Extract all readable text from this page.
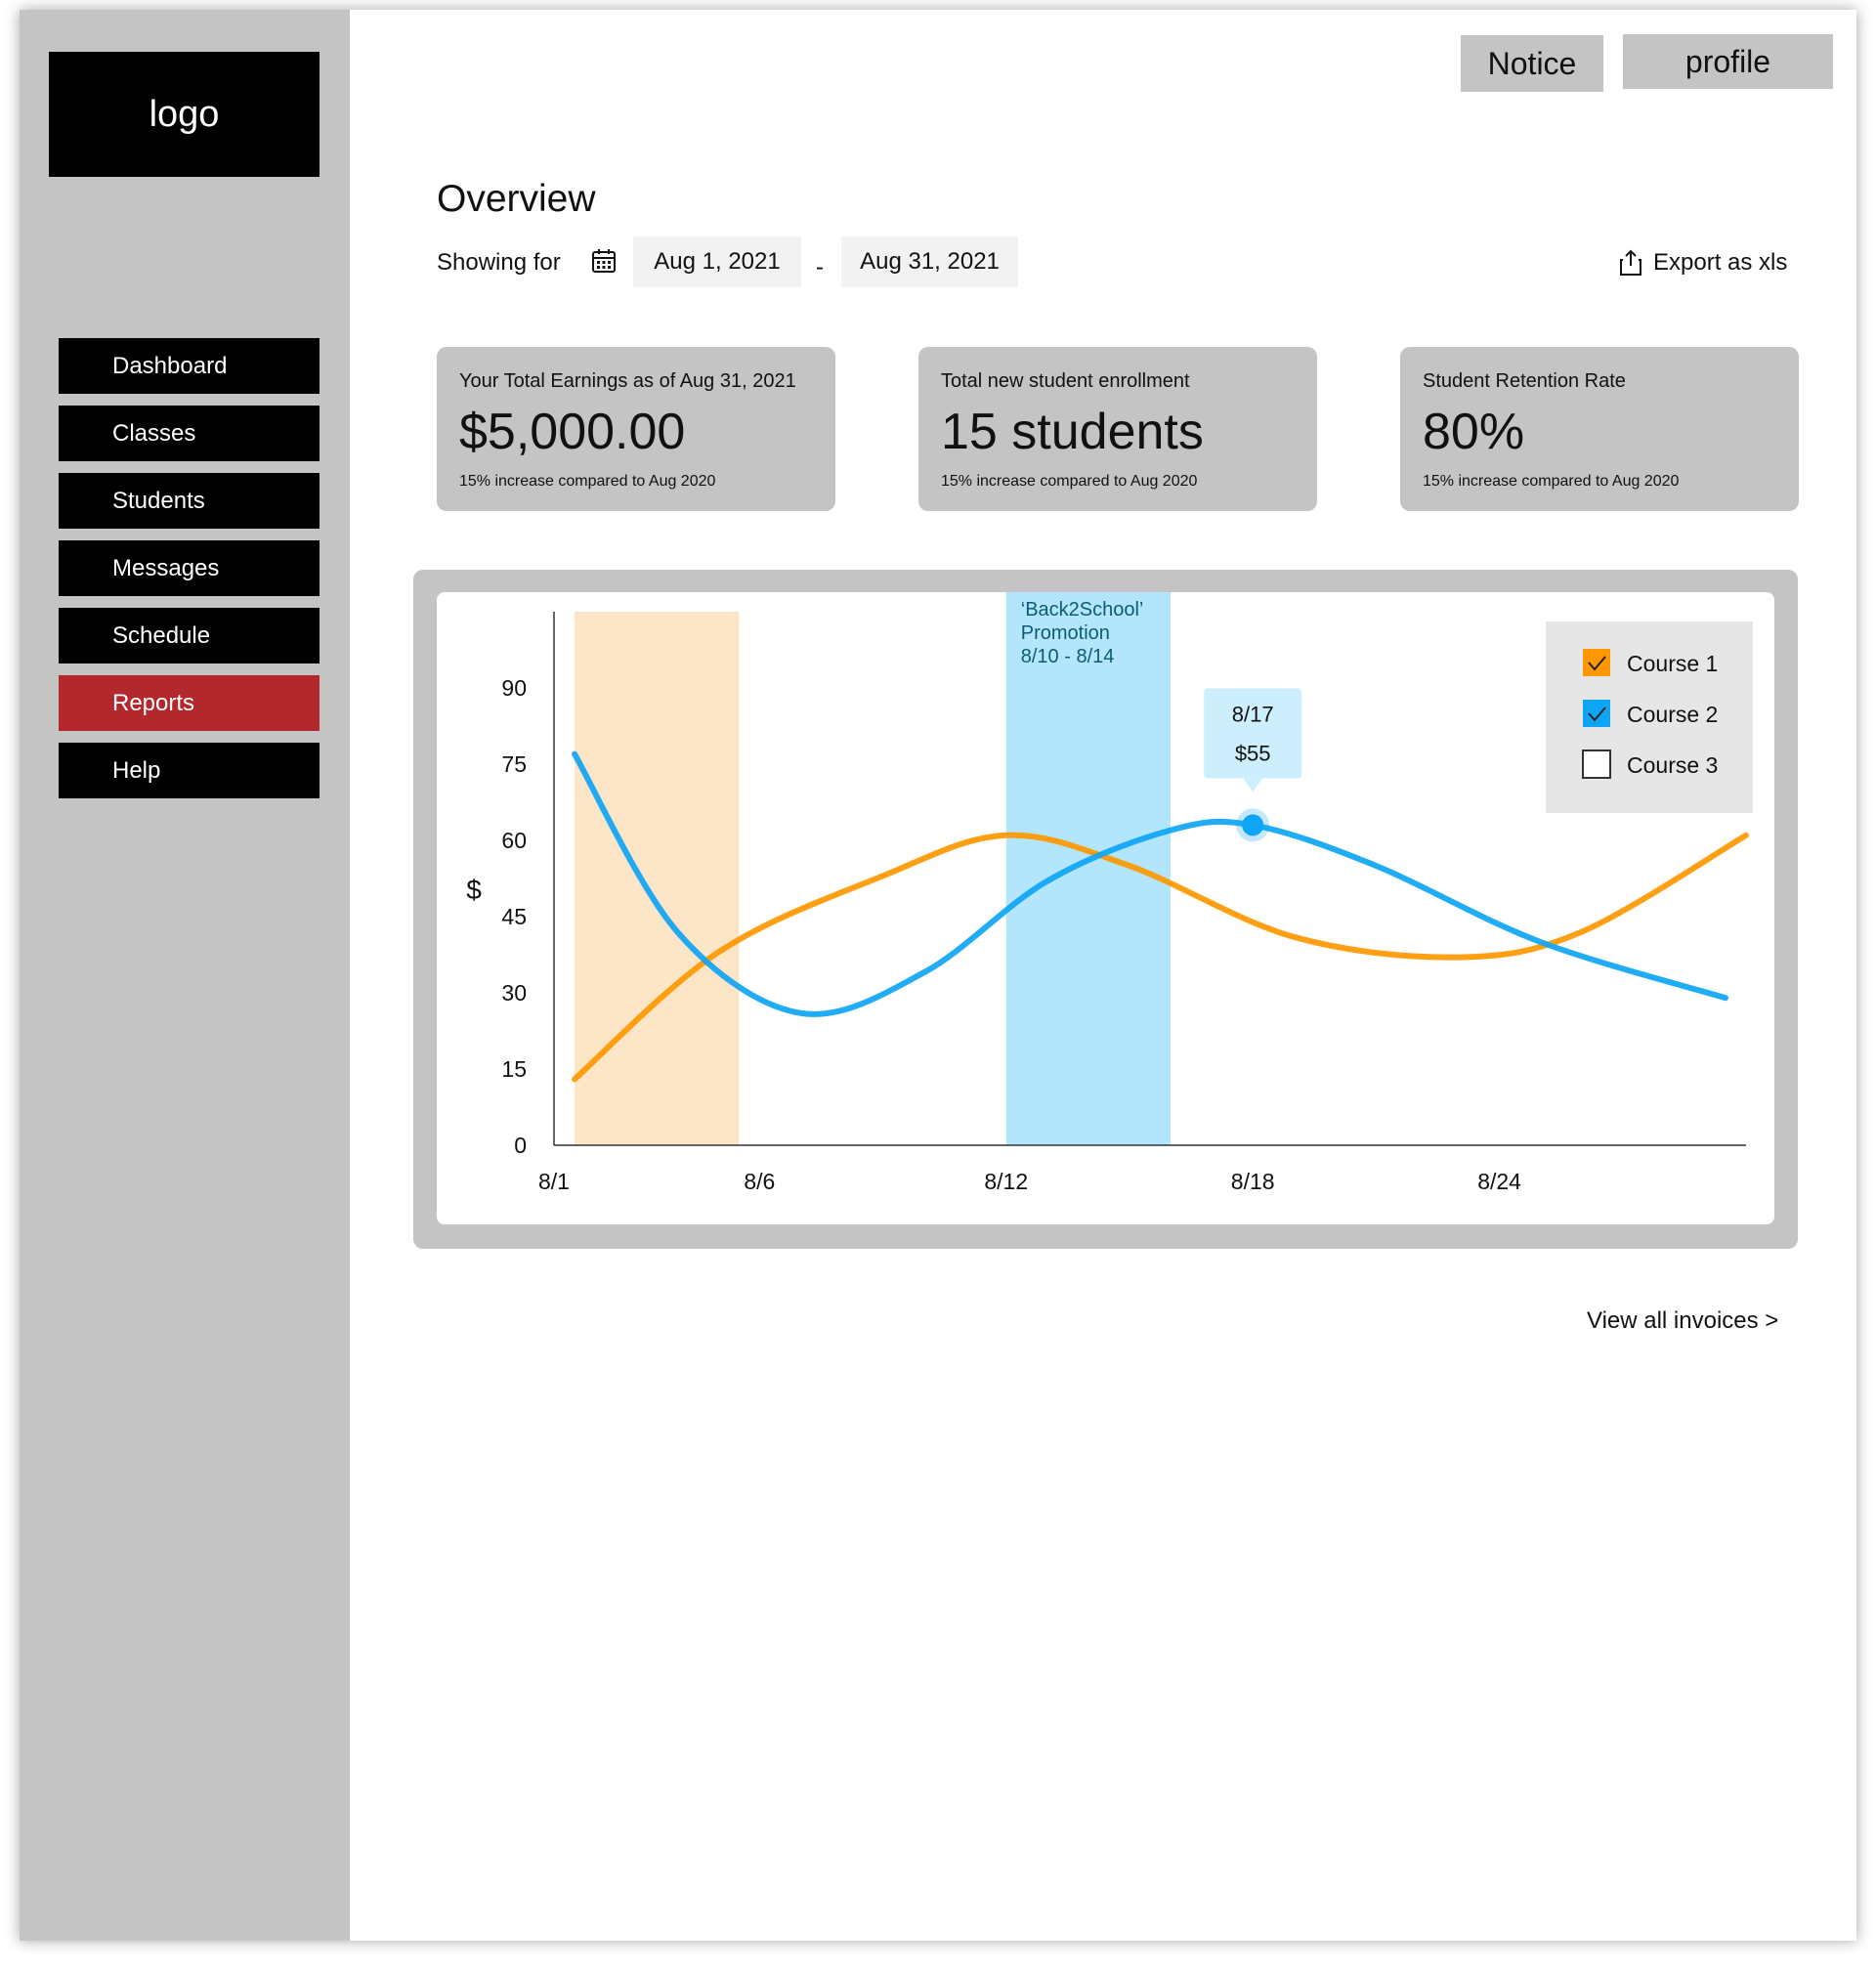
logo
Dashboard
Classes
Students
Messages
Schedule
Reports
Help
Notice	profile
Overview
Showing for	Aug 1, 2021	-	Aug 31, 2021	Export as xls
Your Total Earnings as of Aug 31, 2021
$5,000.00
15% increase compared to Aug 2020
Total new student enrollment
15 students
15% increase compared to Aug 2020
Student Retention Rate
80%
15% increase compared to Aug 2020
‘Back2School’
Promotion
8/10 - 8/14
0
15
30
45
60
75
90
8/1	8/6	8/12	8/18	8/24
$
8/17
$55
Course 1
Course 2
Course 3
View all invoices >
